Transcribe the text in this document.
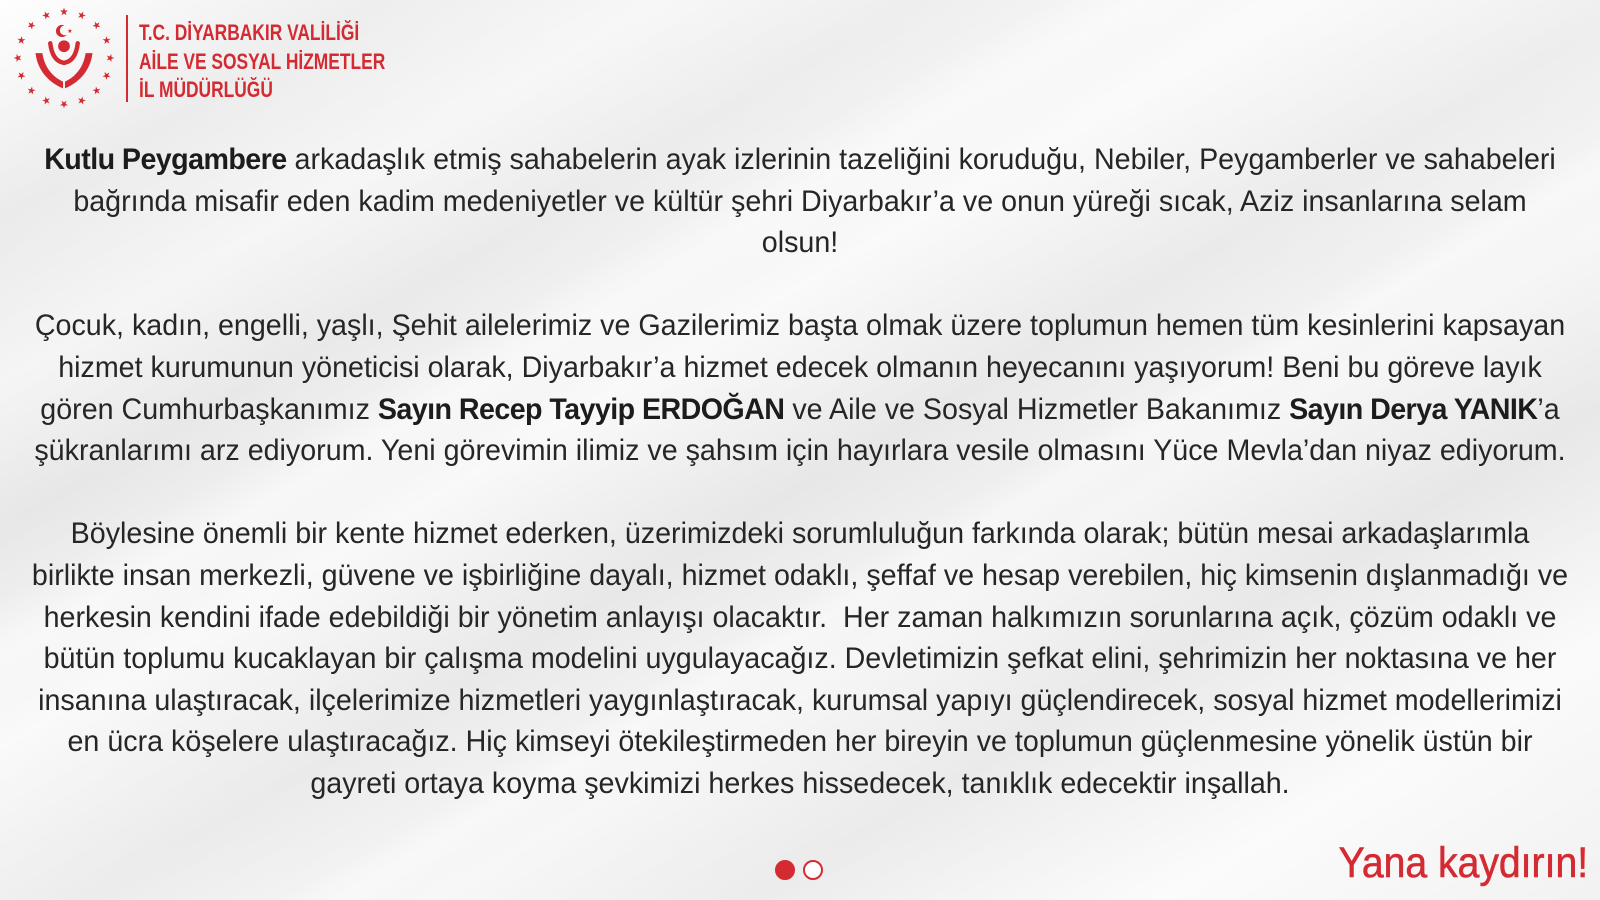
T.C. DİYARBAKIR VALİLİĞİ
AİLE VE SOSYAL HİZMETLER
İL MÜDÜRLÜĞÜ

Kutlu Peygambere arkadaşlık etmiş sahabelerin ayak izlerinin tazeliğini koruduğu, Nebiler, Peygamberler ve sahabeleri
bağrında misafir eden kadim medeniyetler ve kültür şehri Diyarbakır’a ve onun yüreği sıcak, Aziz insanlarına selam
olsun!

Çocuk, kadın, engelli, yaşlı, Şehit ailelerimiz ve Gazilerimiz başta olmak üzere toplumun hemen tüm kesinlerini kapsayan
hizmet kurumunun yöneticisi olarak, Diyarbakır’a hizmet edecek olmanın heyecanını yaşıyorum! Beni bu göreve layık
gören Cumhurbaşkanımız Sayın Recep Tayyip ERDOĞAN ve Aile ve Sosyal Hizmetler Bakanımız Sayın Derya YANIK’a
şükranlarımı arz ediyorum. Yeni görevimin ilimiz ve şahsım için hayırlara vesile olmasını Yüce Mevla’dan niyaz ediyorum.

Böylesine önemli bir kente hizmet ederken, üzerimizdeki sorumluluğun farkında olarak; bütün mesai arkadaşlarımla
birlikte insan merkezli, güvene ve işbirliğine dayalı, hizmet odaklı, şeffaf ve hesap verebilen, hiç kimsenin dışlanmadığı ve
herkesin kendini ifade edebildiği bir yönetim anlayışı olacaktır.  Her zaman halkımızın sorunlarına açık, çözüm odaklı ve
bütün toplumu kucaklayan bir çalışma modelini uygulayacağız. Devletimizin şefkat elini, şehrimizin her noktasına ve her
insanına ulaştıracak, ilçelerimize hizmetleri yaygınlaştıracak, kurumsal yapıyı güçlendirecek, sosyal hizmet modellerimizi
en ücra köşelere ulaştıracağız. Hiç kimseyi ötekileştirmeden her bireyin ve toplumun güçlenmesine yönelik üstün bir
gayreti ortaya koyma şevkimizi herkes hissedecek, tanıklık edecektir inşallah.

Yana kaydırın!
